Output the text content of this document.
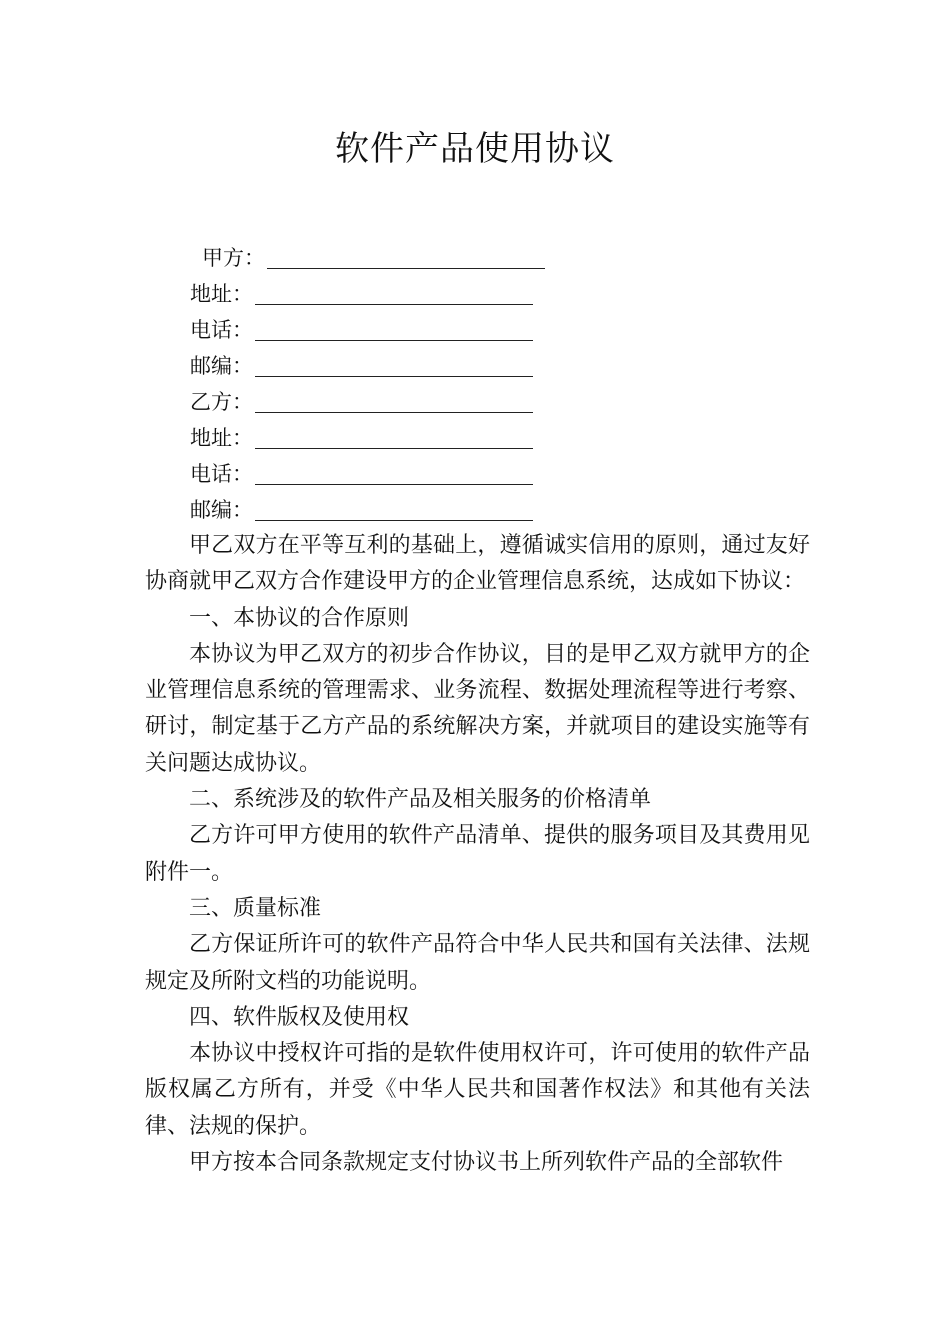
软件产品使用协议
甲方：
地址：
电话：
邮编：
乙方：
地址：
电话：
邮编：

甲乙双方在平等互利的基础上，遵循诚实信用的原则，通过友好协商就甲乙双方合作建设甲方的企业管理信息系统，达成如下协议：

一、本协议的合作原则

本协议为甲乙双方的初步合作协议，目的是甲乙双方就甲方的企业管理信息系统的管理需求、业务流程、数据处理流程等进行考察、研讨，制定基于乙方产品的系统解决方案，并就项目的建设实施等有关问题达成协议。

二、系统涉及的软件产品及相关服务的价格清单

乙方许可甲方使用的软件产品清单、提供的服务项目及其费用见附件一。

三、质量标准

乙方保证所许可的软件产品符合中华人民共和国有关法律、法规规定及所附文档的功能说明。

四、软件版权及使用权

本协议中授权许可指的是软件使用权许可，许可使用的软件产品版权属乙方所有，并受《中华人民共和国著作权法》和其他有关法律、法规的保护。

甲方按本合同条款规定支付协议书上所列软件产品的全部软件
